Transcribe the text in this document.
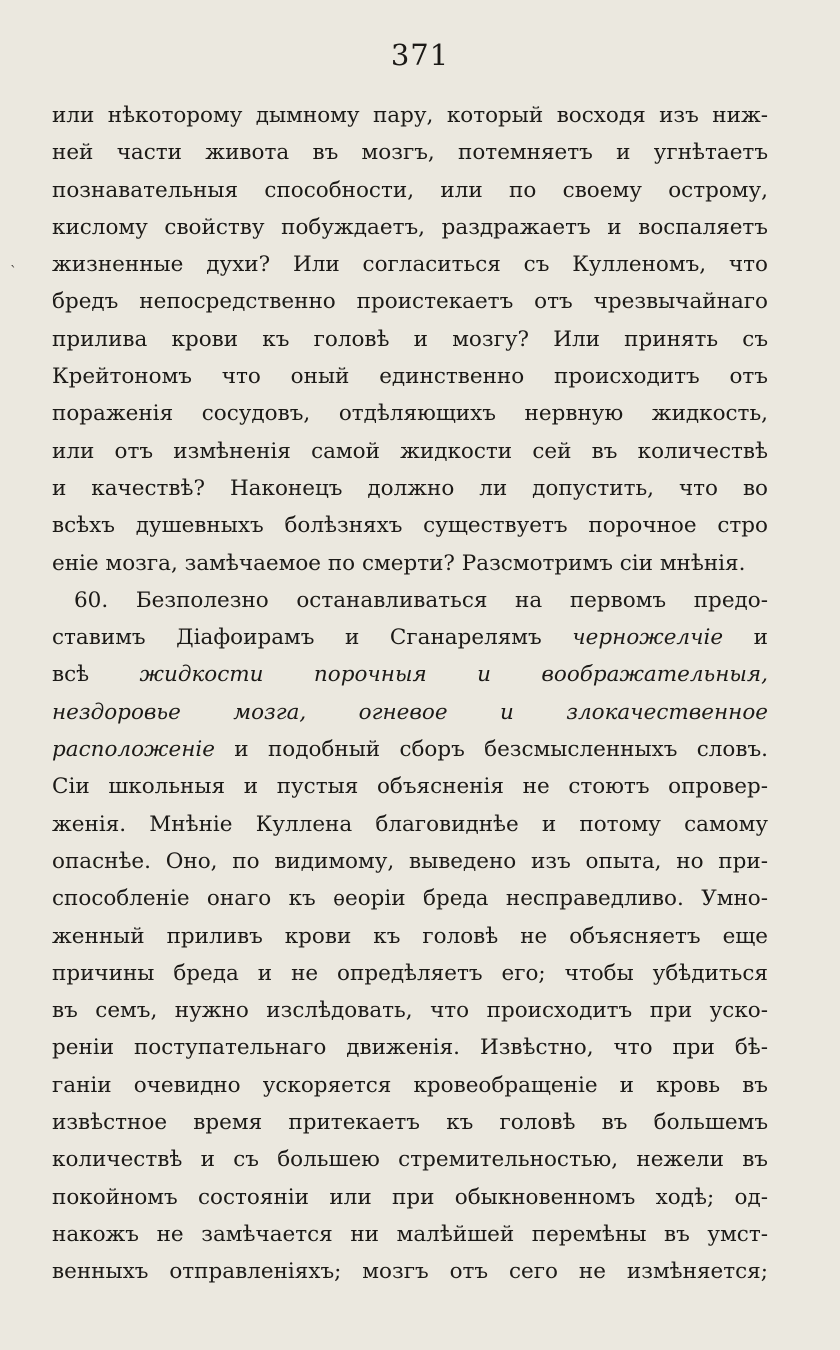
371
`
или нѣкоторому дымному пару, который восходя изъ ниж-
ней части живота въ мозгъ, потемняетъ и угнѣтаетъ
познавательныя способности, или по своему острому,
кислому свойству побуждаетъ, раздражаетъ и воспаляетъ
жизненные духи? Или согласиться съ Кулленомъ, что
бредъ непосредственно проистекаетъ отъ чрезвычайнаго
прилива крови къ головѣ и мозгу? Или принять съ
Крейтономъ что оный единственно происходитъ отъ
пораженія сосудовъ, отдѣляющихъ нервную жидкость,
или отъ измѣненія самой жидкости сей въ количествѣ
и качествѣ? Наконецъ должно ли допустить, что во
всѣхъ душевныхъ болѣзняхъ существуетъ порочное стро
еніе мозга, замѣчаемое по смерти? Разсмотримъ сіи мнѣнія.
60. Безполезно останавливаться на первомъ предо-
ставимъ Діафоирамъ и Сганарелямъ черножелчіе и
всѣ жидкости порочныя и воображательныя,
нездоровье мозга, огневое и злокачественное
расположеніе и подобный сборъ безсмысленныхъ словъ.
Сіи школьныя и пустыя объясненія не стоютъ опровер-
женія. Мнѣніе Куллена благовиднѣе и потому самому
опаснѣе. Оно, по видимому, выведено изъ опыта, но при-
способленіе онаго къ ѳеоріи бреда несправедливо. Умно-
женный приливъ крови къ головѣ не объясняетъ еще
причины бреда и не опредѣляетъ его; чтобы убѣдиться
въ семъ, нужно изслѣдовать, что происходитъ при уско-
реніи поступательнаго движенія. Извѣстно, что при бѣ-
ганіи очевидно ускоряется кровеобращеніе и кровь въ
извѣстное время притекаетъ къ головѣ въ большемъ
количествѣ и съ большею стремительностью, нежели въ
покойномъ состояніи или при обыкновенномъ ходѣ; од-
накожъ не замѣчается ни малѣйшей перемѣны въ умст-
венныхъ отправленіяхъ; мозгъ отъ сего не измѣняется;
